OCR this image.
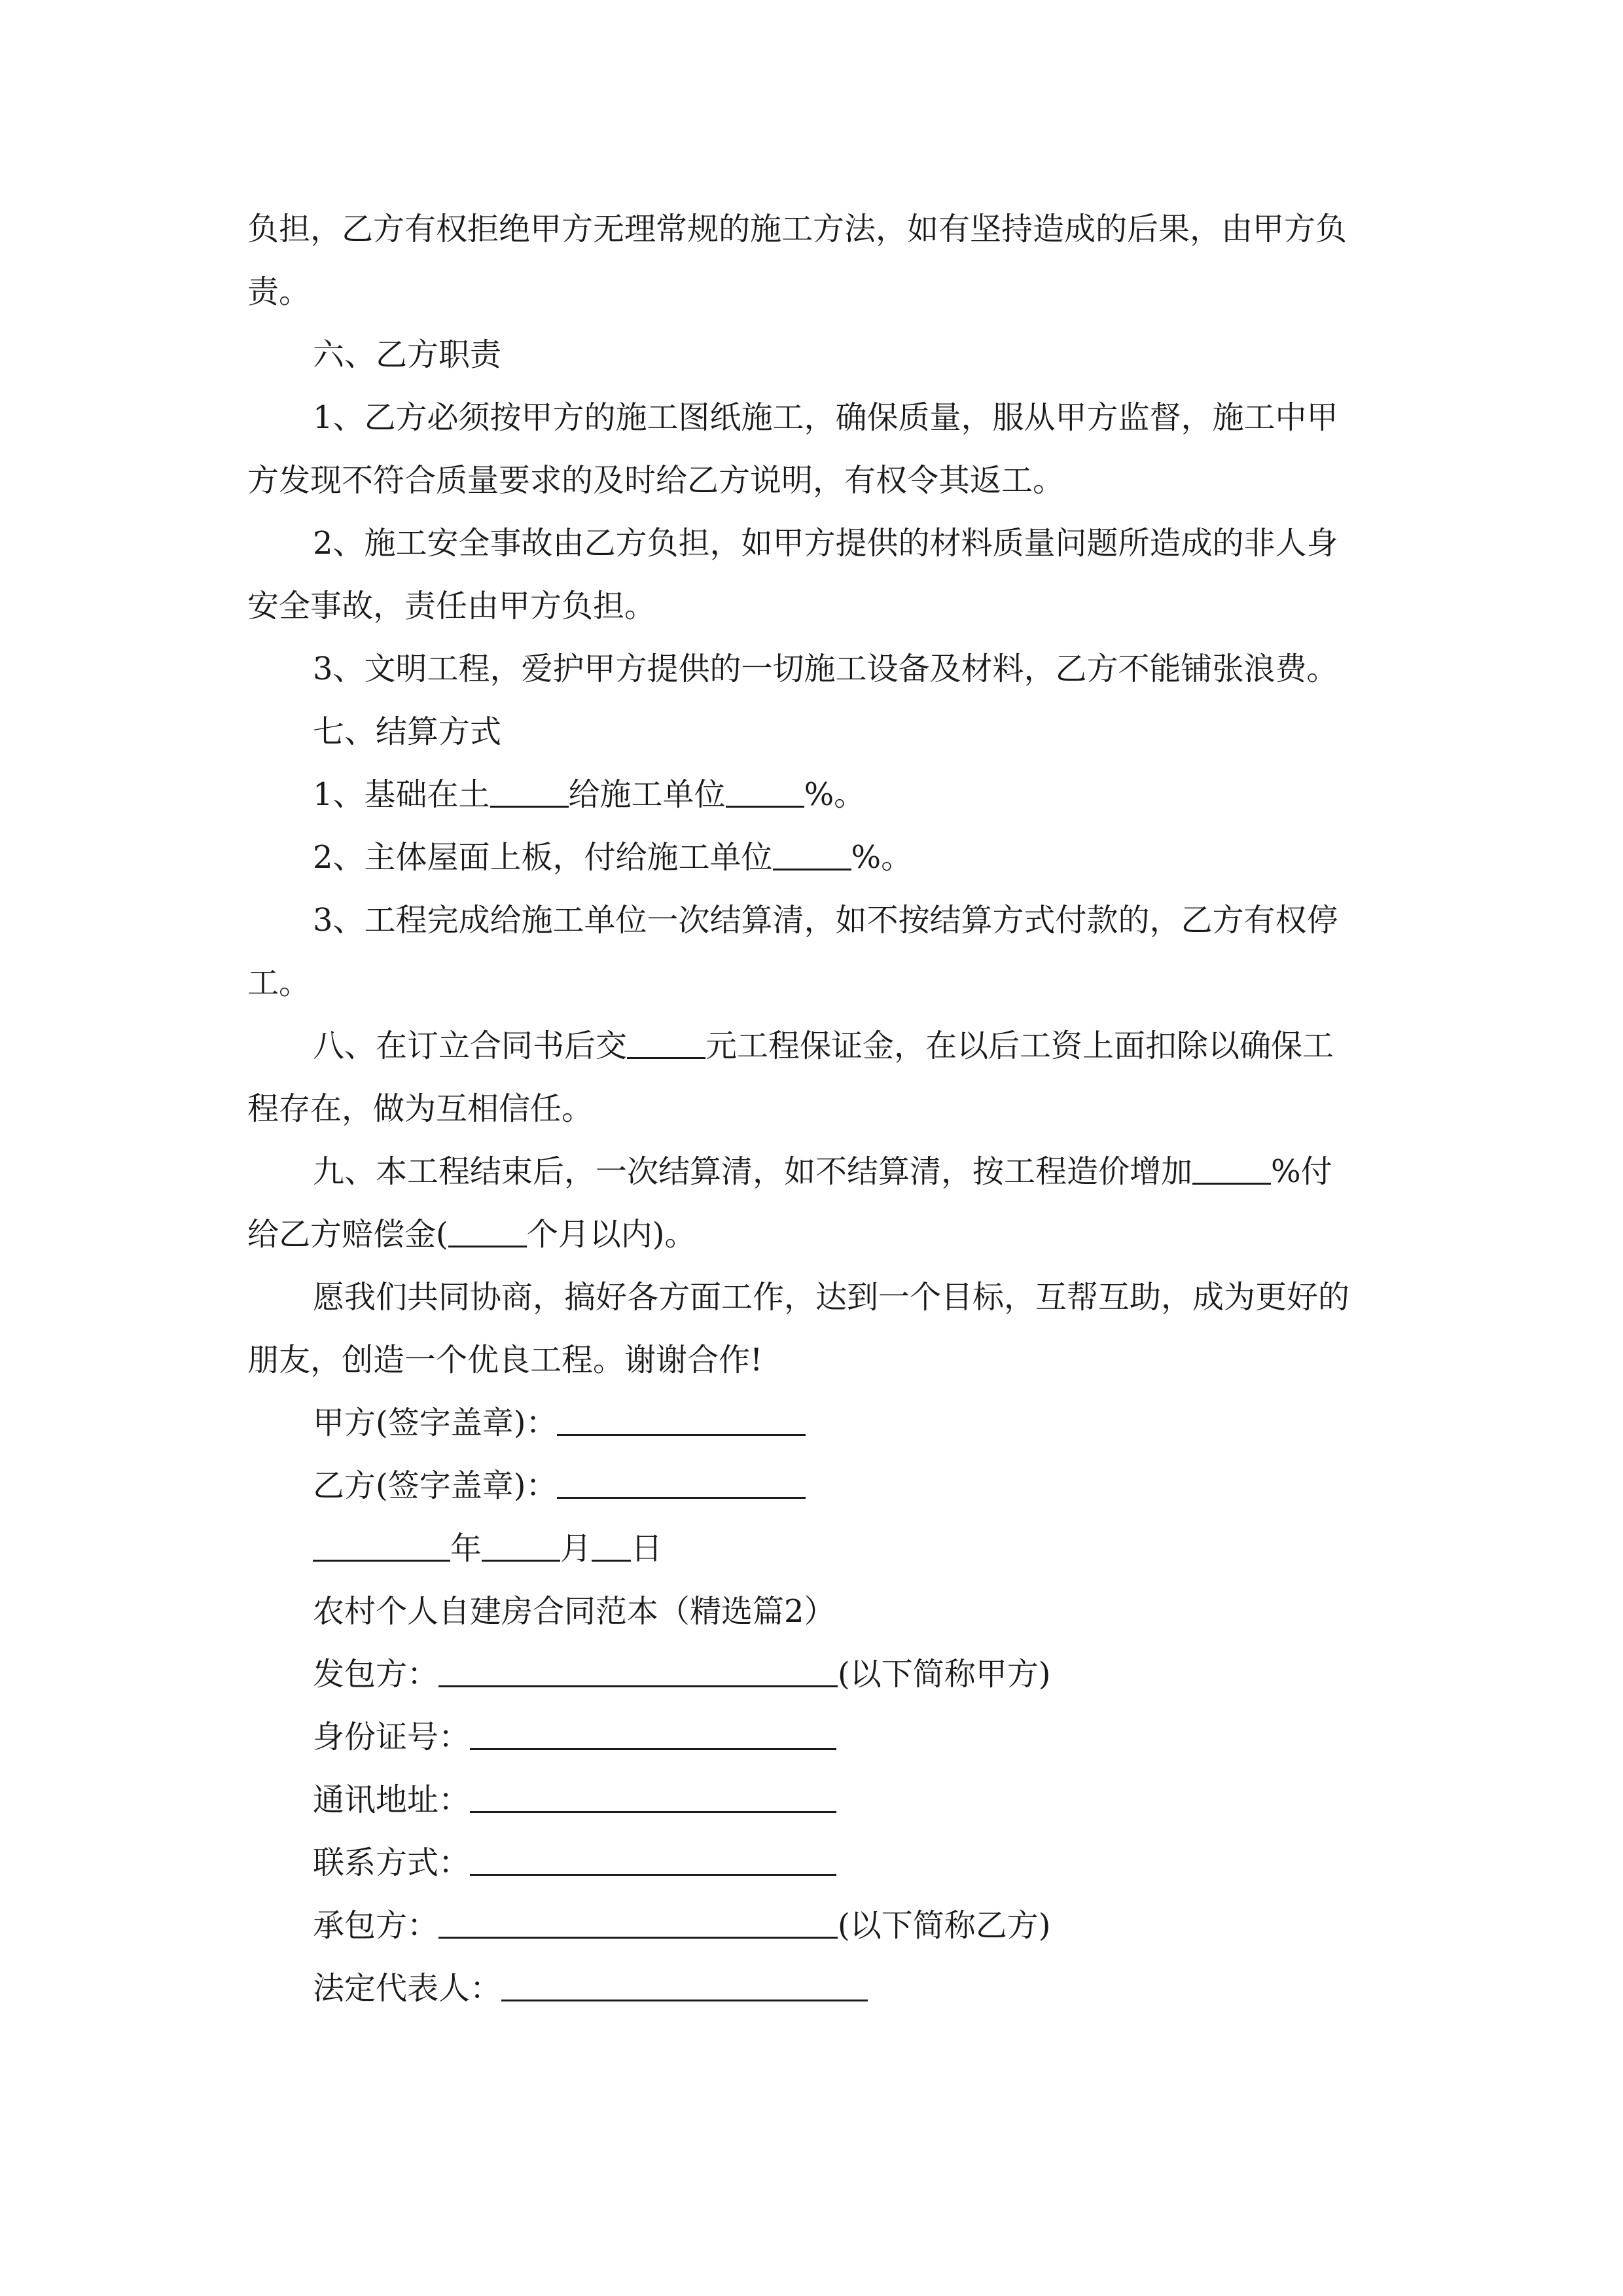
负担，乙方有权拒绝甲方无理常规的施工方法，如有坚持造成的后果，由甲方负
责。
六、乙方职责
1、乙方必须按甲方的施工图纸施工，确保质量，服从甲方监督，施工中甲
方发现不符合质量要求的及时给乙方说明，有权令其返工。
2、施工安全事故由乙方负担，如甲方提供的材料质量问题所造成的非人身
安全事故，责任由甲方负担。
3、文明工程，爱护甲方提供的一切施工设备及材料，乙方不能铺张浪费。
七、结算方式
1、基础在土	给施工单位	%。
2、主体屋面上板，付给施工单位	%。
3、工程完成给施工单位一次结算清，如不按结算方式付款的，乙方有权停
工。
八、在订立合同书后交	元工程保证金，在以后工资上面扣除以确保工
程存在，做为互相信任。
九、本工程结束后，一次结算清，如不结算清，按工程造价增加	%付
给乙方赔偿金(	个月以内)。
愿我们共同协商，搞好各方面工作，达到一个目标，互帮互助，成为更好的
朋友，创造一个优良工程。谢谢合作!
甲方(签字盖章)：
乙方(签字盖章)：
年	月 日
农村个人自建房合同范本（精选篇2）
发包方：	(以下简称甲方)
身份证号：
通讯地址：
联系方式：
承包方：	(以下简称乙方)
法定代表人：
